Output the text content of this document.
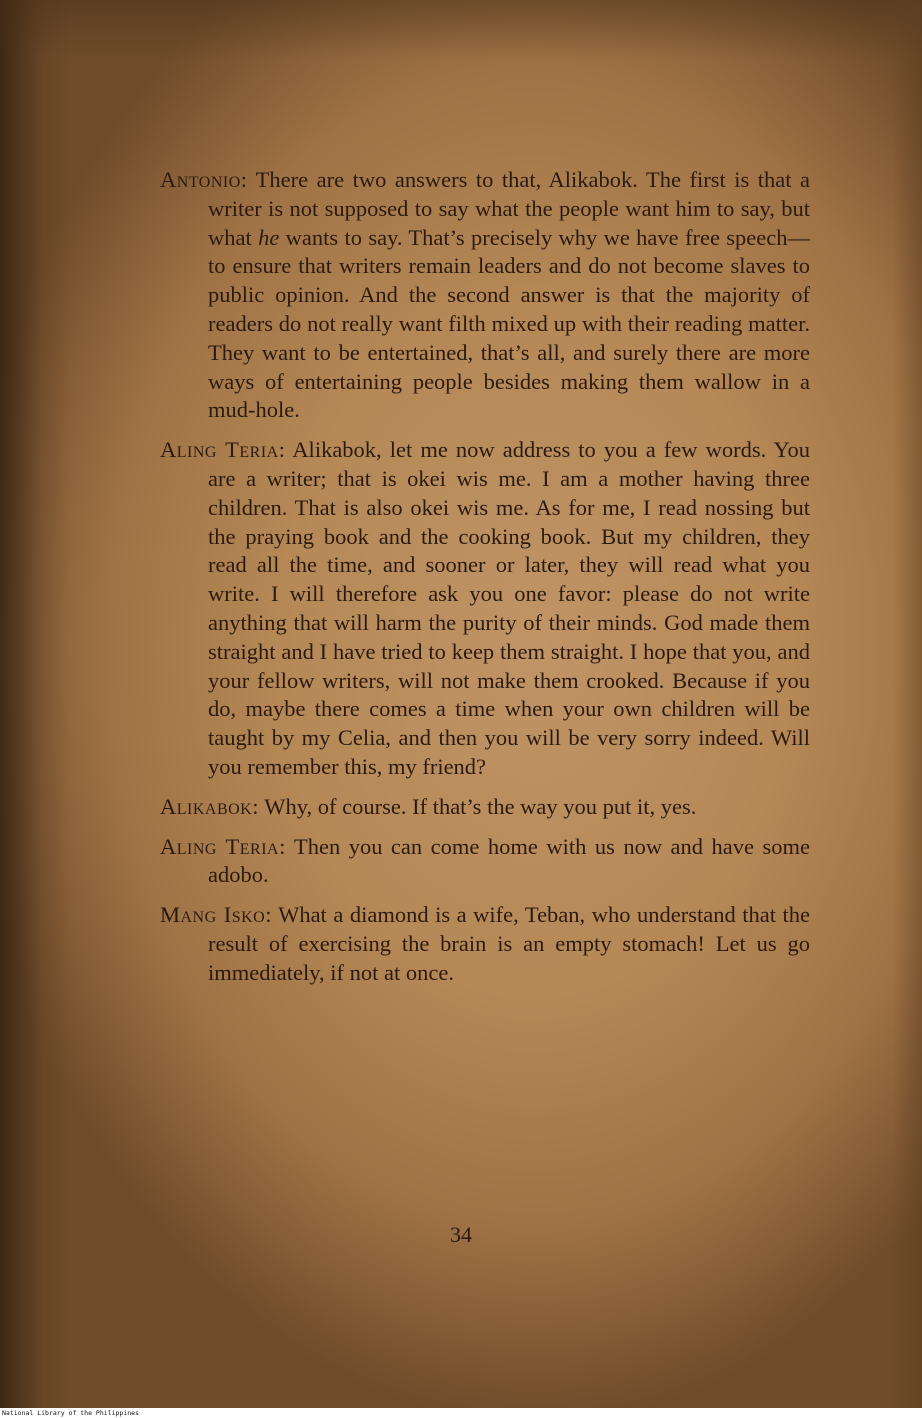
Antonio: There are two answers to that, Alikabok. The first is that a writer is not supposed to say what the people want him to say, but what he wants to say. That’s precisely why we have free speech—to ensure that writers remain leaders and do not become slaves to public opinion. And the second answer is that the majority of readers do not really want filth mixed up with their reading matter. They want to be entertained, that’s all, and surely there are more ways of entertaining people besides making them wallow in a mud-hole.

Aling Teria: Alikabok, let me now address to you a few words. You are a writer; that is okei wis me. I am a mother having three children. That is also okei wis me. As for me, I read nossing but the praying book and the cooking book. But my children, they read all the time, and sooner or later, they will read what you write. I will therefore ask you one favor: please do not write anything that will harm the purity of their minds. God made them straight and I have tried to keep them straight. I hope that you, and your fellow writers, will not make them crooked. Because if you do, maybe there comes a time when your own children will be taught by my Celia, and then you will be very sorry indeed. Will you remember this, my friend?

Alikabok: Why, of course. If that’s the way you put it, yes.

Aling Teria: Then you can come home with us now and have some adobo.

Mang Isko: What a diamond is a wife, Teban, who understand that the result of exercising the brain is an empty stomach! Let us go immediately, if not at once.

34
National Library of the Philippines
